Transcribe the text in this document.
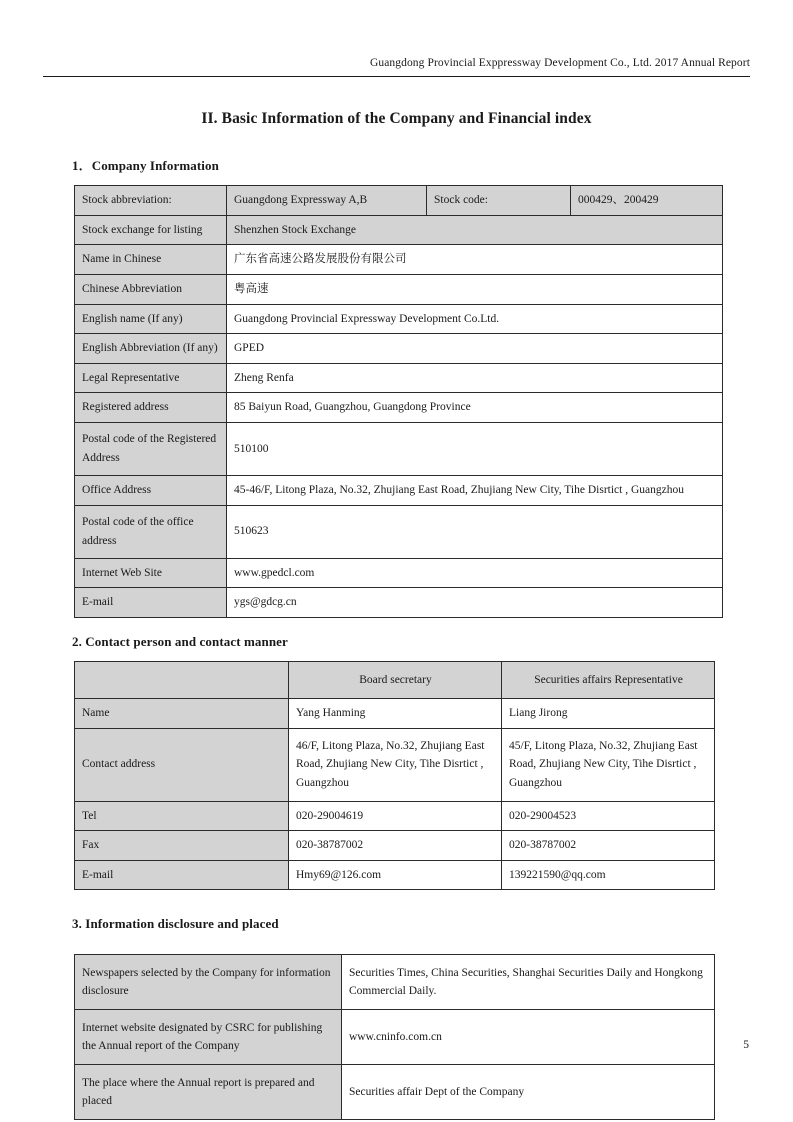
Guangdong Provincial Exppressway Development Co., Ltd. 2017 Annual Report
II. Basic Information of the Company and Financial index
1．Company Information
Stock abbreviation:	Guangdong Expressway A,B	Stock code:	000429、200429
Stock exchange for listing	Shenzhen Stock Exchange		
Name in Chinese	广东省高速公路发展股份有限公司		
Chinese Abbreviation	粤高速		
English name (If any)	Guangdong Provincial Expressway Development Co.Ltd.		
English Abbreviation (If any)	GPED		
Legal Representative	Zheng Renfa		
Registered address	85 Baiyun Road, Guangzhou, Guangdong Province		
Postal code of the Registered Address	510100		
Office Address	45-46/F, Litong Plaza, No.32, Zhujiang East Road, Zhujiang New City, Tihe Disrtict , Guangzhou		
Postal code of the office address	510623		
Internet Web Site	www.gpedcl.com		
E-mail	ygs@gdcg.cn		
2. Contact person and contact manner
	Board secretary	Securities affairs Representative
Name	Yang Hanming	Liang Jirong
Contact address	46/F, Litong Plaza, No.32, Zhujiang East Road, Zhujiang New City, Tihe Disrtict , Guangzhou	45/F, Litong Plaza, No.32, Zhujiang East Road, Zhujiang New City, Tihe Disrtict , Guangzhou
Tel	020-29004619	020-29004523
Fax	020-38787002	020-38787002
E-mail	Hmy69@126.com	139221590@qq.com
3. Information disclosure and placed
Newspapers selected by the Company for information disclosure	Securities Times, China Securities, Shanghai Securities Daily and Hongkong Commercial Daily.
Internet website designated by CSRC for publishing the Annual report of the Company	www.cninfo.com.cn
The place where the Annual report is prepared and placed	Securities affair Dept of the Company
5
